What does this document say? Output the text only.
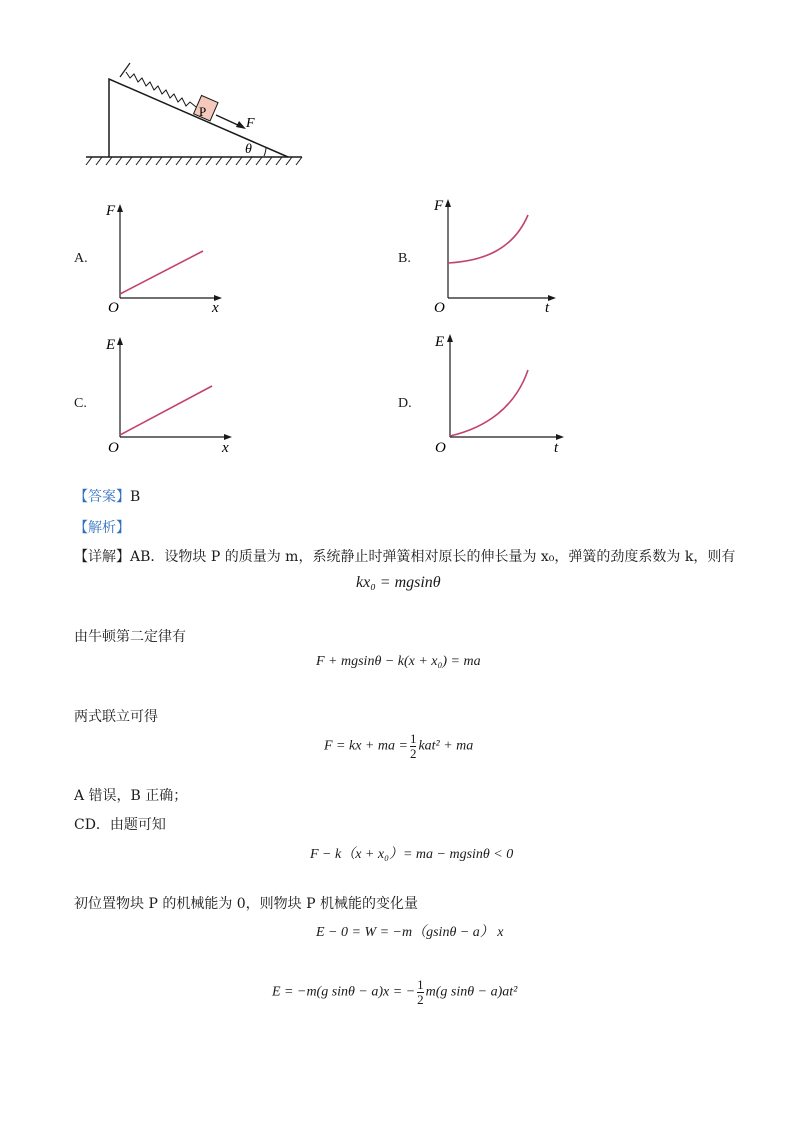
P
F
θ
A.
F
x
O
B.
F
t
O
C.
E
x
O
D.
E
t
O
【答案】B
【解析】
【详解】AB．设物块 P 的质量为 m，系统静止时弹簧相对原长的伸长量为 x₀，弹簧的劲度系数为 k，则有
kx₀ = mgsinθ
由牛顿第二定律有
F + mgsinθ − k(x + x₀) = ma
两式联立可得
F = kx + ma = $\frac{1}{2} kat^2$ + ma
A 错误，B 正确；
CD．由题可知
F − k（x + x₀）= ma − mgsinθ < 0
初位置物块 P 的机械能为 0，则物块 P 机械能的变化量
E − 0 = W = −m（gsinθ − a） x
E = −m(g sinθ − a)x = − $\frac{1}{2} m(g$ sinθ − a)at²
